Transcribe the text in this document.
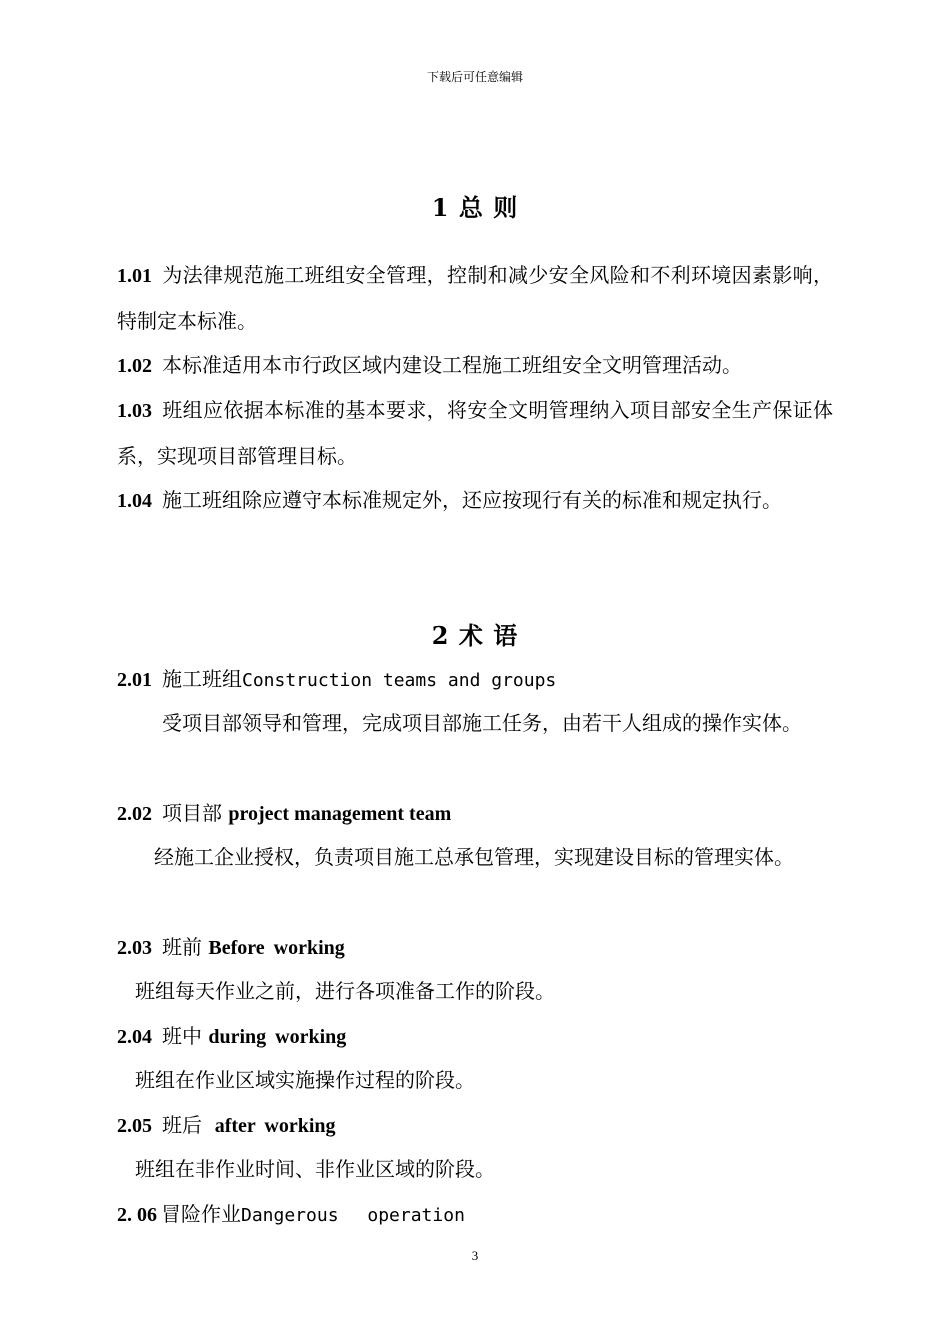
下载后可任意编辑
1 总 则
1.01 为法律规范施工班组安全管理，控制和减少安全风险和不利环境因素影响，特制定本标准。
1.02 本标准适用本市行政区域内建设工程施工班组安全文明管理活动。
1.03 班组应依据本标准的基本要求，将安全文明管理纳入项目部安全生产保证体系，实现项目部管理目标。
1.04 施工班组除应遵守本标准规定外，还应按现行有关的标准和规定执行。
2 术 语
2.01 施工班组Construction teams and groups
受项目部领导和管理，完成项目部施工任务，由若干人组成的操作实体。
2.02 项目部 project management team
经施工企业授权，负责项目施工总承包管理，实现建设目标的管理实体。
2.03 班前 Before working
班组每天作业之前，进行各项准备工作的阶段。
2.04 班中 during working
班组在作业区域实施操作过程的阶段。
2.05 班后 after working
班组在非作业时间、非作业区域的阶段。
2. 06 冒险作业Dangerous operation
3
